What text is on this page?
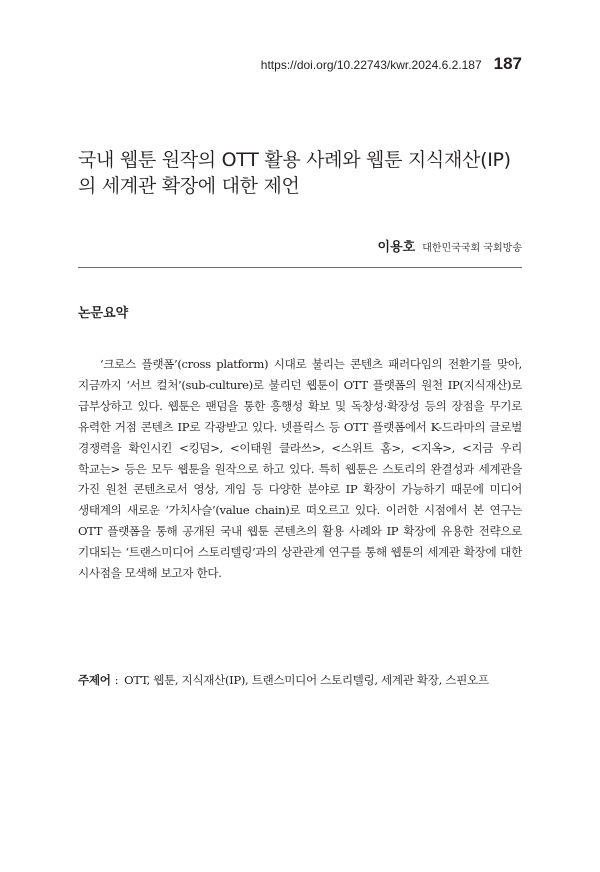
https://doi.org/10.22743/kwr.2024.6.2.187 187
국내 웹툰 원작의 OTT 활용 사례와 웹툰 지식재산(IP)의 세계관 확장에 대한 제언
이용호 대한민국국회 국회방송
논문요약

‘크로스 플랫폼’(cross platform) 시대로 불리는 콘텐츠 패러다임의 전환기를 맞아, 지금까지 ‘서브 컬처’(sub-culture)로 불리던 웹툰이 OTT 플랫폼의 원천 IP(지식재산)로 급부상하고 있다. 웹툰은 팬덤을 통한 흥행성 확보 및 독창성·확장성 등의 장점을 무기로 유력한 거점 콘텐츠 IP로 각광받고 있다. 넷플릭스 등 OTT 플랫폼에서 K-드라마의 글로벌 경쟁력을 확인시킨 <킹덤>, <이태원 클라쓰>, <스위트 홈>, <지옥>, <지금 우리 학교는> 등은 모두 웹툰을 원작으로 하고 있다. 특히 웹툰은 스토리의 완결성과 세계관을 가진 원천 콘텐츠로서 영상, 게임 등 다양한 분야로 IP 확장이 가능하기 때문에 미디어 생태계의 새로운 ‘가치사슬’(value chain)로 떠오르고 있다. 이러한 시점에서 본 연구는 OTT 플랫폼을 통해 공개된 국내 웹툰 콘텐츠의 활용 사례와 IP 확장에 유용한 전략으로 기대되는 ‘트랜스미디어 스토리텔링’과의 상관관계 연구를 통해 웹툰의 세계관 확장에 대한 시사점을 모색해 보고자 한다.

주제어 : OTT, 웹툰, 지식재산(IP), 트랜스미디어 스토리텔링, 세계관 확장, 스핀오프
